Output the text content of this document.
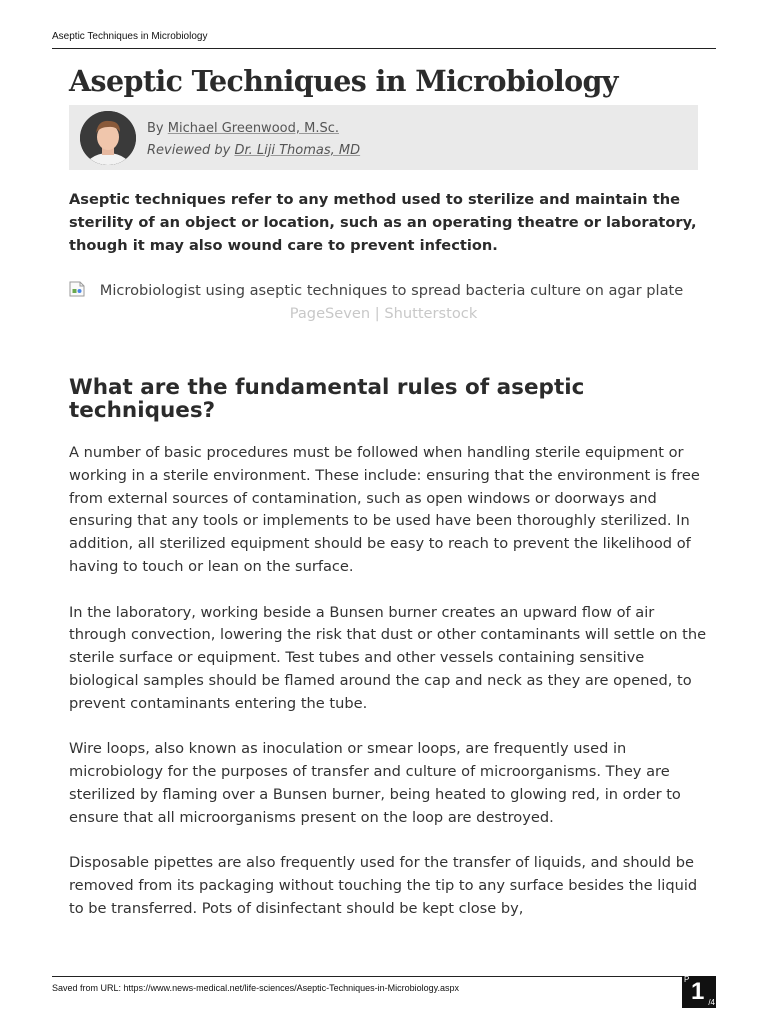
Aseptic Techniques in Microbiology
Aseptic Techniques in Microbiology
By Michael Greenwood, M.Sc.
Reviewed by Dr. Liji Thomas, MD

Aseptic techniques refer to any method used to sterilize and maintain the sterility of an object or location, such as an operating theatre or laboratory, though it may also wound care to prevent infection.

Microbiologist using aseptic techniques to spread bacteria culture on agar plate
PageSeven | Shutterstock
What are the fundamental rules of aseptic techniques?

A number of basic procedures must be followed when handling sterile equipment or working in a sterile environment. These include: ensuring that the environment is free from external sources of contamination, such as open windows or doorways and ensuring that any tools or implements to be used have been thoroughly sterilized. In addition, all sterilized equipment should be easy to reach to prevent the likelihood of having to touch or lean on the surface.

In the laboratory, working beside a Bunsen burner creates an upward flow of air through convection, lowering the risk that dust or other contaminants will settle on the sterile surface or equipment. Test tubes and other vessels containing sensitive biological samples should be flamed around the cap and neck as they are opened, to prevent contaminants entering the tube.

Wire loops, also known as inoculation or smear loops, are frequently used in microbiology for the purposes of transfer and culture of microorganisms. They are sterilized by flaming over a Bunsen burner, being heated to glowing red, in order to ensure that all microorganisms present on the loop are destroyed.

Disposable pipettes are also frequently used for the transfer of liquids, and should be removed from its packaging without touching the tip to any surface besides the liquid to be transferred. Pots of disinfectant should be kept close by,

Saved from URL: https://www.news-medical.net/life-sciences/Aseptic-Techniques-in-Microbiology.aspx
P 1 /4
